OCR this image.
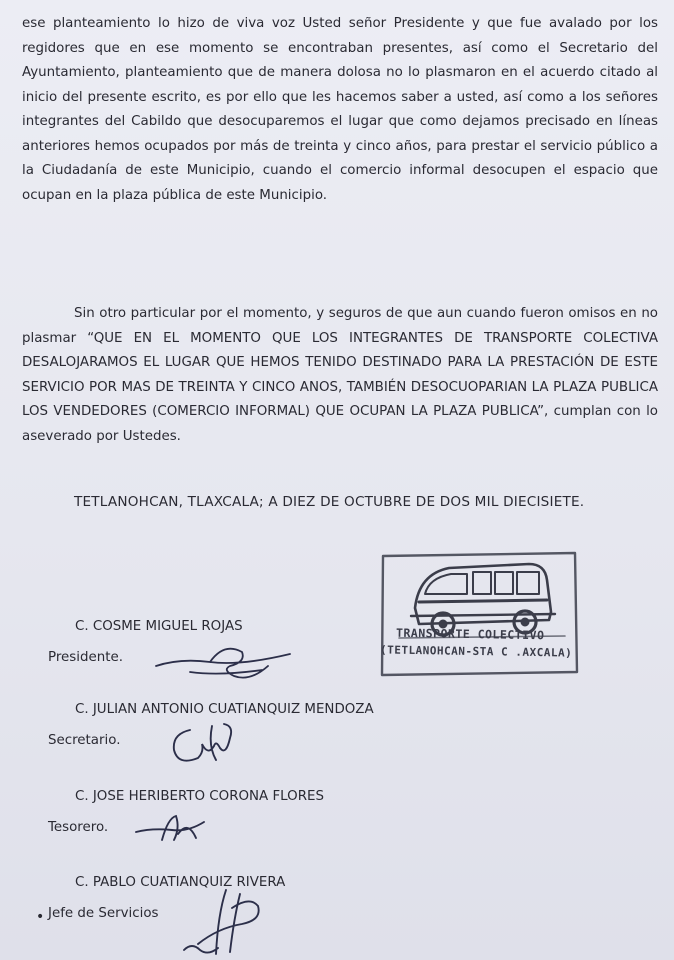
ese planteamiento lo hizo de viva voz Usted señor Presidente y que fue avalado por los regidores que en ese momento se encontraban presentes, así como el Secretario del Ayuntamiento, planteamiento que de manera dolosa no lo plasmaron en el acuerdo citado al inicio del presente escrito, es por ello que les hacemos saber a usted, así como a los señores integrantes del Cabildo que desocuparemos el lugar que como dejamos precisado en líneas anteriores hemos ocupados por más de treinta y cinco años, para prestar el servicio público a la Ciudadanía de este Municipio, cuando el comercio informal desocupen el espacio que ocupan en la plaza pública de este Municipio.

Sin otro particular por el momento, y seguros de que aun cuando fueron omisos en no plasmar “QUE EN EL MOMENTO QUE LOS INTEGRANTES DE TRANSPORTE COLECTIVA DESALOJARAMOS EL LUGAR QUE HEMOS TENIDO DESTINADO PARA LA PRESTACIÓN DE ESTE SERVICIO POR MAS DE TREINTA Y CINCO ANOS, TAMBIÉN DESOCUOPARIAN LA PLAZA PUBLICA LOS VENDEDORES (COMERCIO INFORMAL) QUE OCUPAN LA PLAZA PUBLICA”, cumplan con lo aseverado por Ustedes.

TETLANOHCAN, TLAXCALA; A DIEZ DE OCTUBRE DE DOS MIL DIECISIETE.
TRANSPORTE COLECTIVO
(TETLANOHCAN-STA C .AXCALA)
C. COSME MIGUEL ROJAS
Presidente.
C. JULIAN ANTONIO CUATIANQUIZ MENDOZA
Secretario.
C. JOSE HERIBERTO CORONA FLORES
Tesorero.
C. PABLO CUATIANQUIZ RIVERA
Jefe de Servicios
•
